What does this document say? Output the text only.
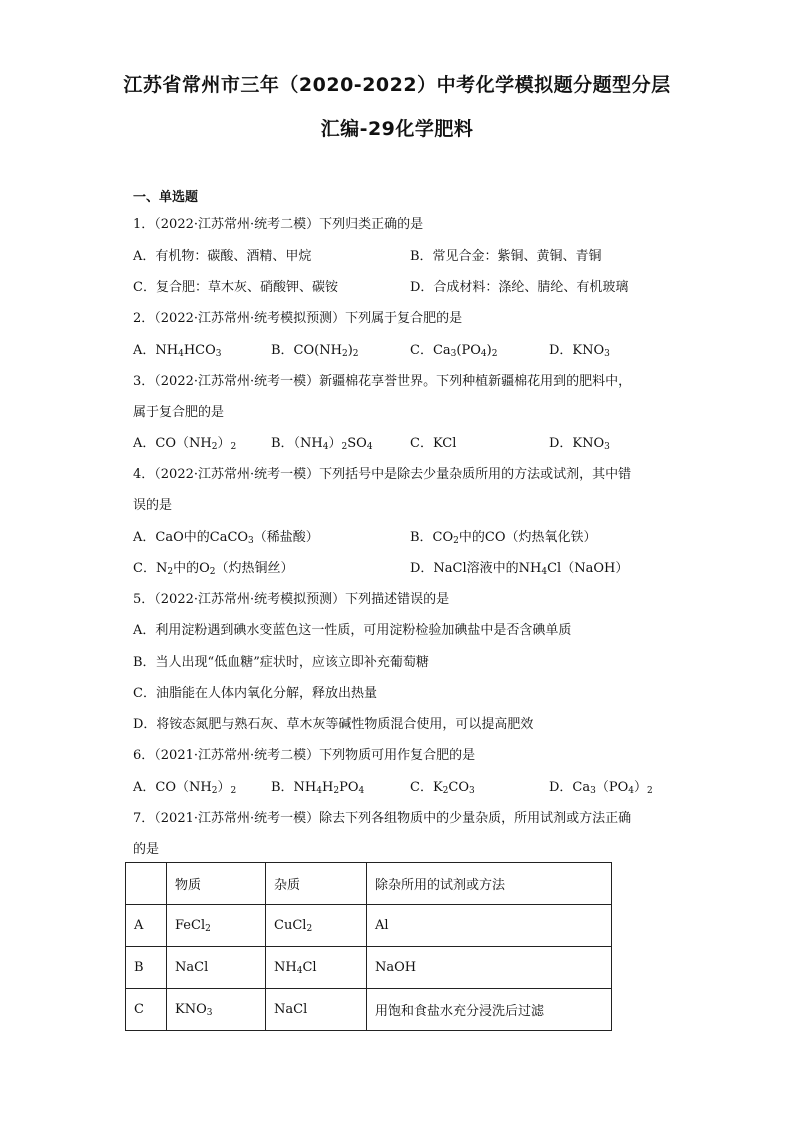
江苏省常州市三年（2020-2022）中考化学模拟题分题型分层
汇编-29化学肥料
一、单选题
1．（2022·江苏常州·统考二模）下列归类正确的是
A．有机物：碳酸、酒精、甲烷	B．常见合金：紫铜、黄铜、青铜
C．复合肥：草木灰、硝酸钾、碳铵	D．合成材料：涤纶、腈纶、有机玻璃
2．（2022·江苏常州·统考模拟预测）下列属于复合肥的是
A．$NH_4HCO_3$	B．$CO(NH_2)_2$	C．$Ca_3(PO_4)_2$	D．$KNO_3$
3．（2022·江苏常州·统考一模）新疆棉花享誉世界。下列种植新疆棉花用到的肥料中，
属于复合肥的是
A．$CO(NH_2)_2$	B．$(NH_4)_2SO_4$	C．KCl	D．$KNO_3$
4．（2022·江苏常州·统考一模）下列括号中是除去少量杂质所用的方法或试剂，其中错
误的是
A．CaO中的CaCO$_3$（稀盐酸）	B．$CO_2$中的CO（灼热氧化铁）
C．$N_2$中的$O_2$（灼热铜丝）	D．NaCl溶液中的$NH_4Cl(NaOH)$
5．（2022·江苏常州·统考模拟预测）下列描述错误的是
A．利用淀粉遇到碘水变蓝色这一性质，可用淀粉检验加碘盐中是否含碘单质
B．当人出现“低血糖”症状时，应该立即补充葡萄糖
C．油脂能在人体内氧化分解，释放出热量
D．将铵态氮肥与熟石灰、草木灰等碱性物质混合使用，可以提高肥效
6．（2021·江苏常州·统考二模）下列物质可用作复合肥的是
A．$CO(NH_2)_2$	B．$NH_4H_2PO_4$	C．$K_2CO_3$	D．$Ca_3(PO_4)_2$
7．（2021·江苏常州·统考一模）除去下列各组物质中的少量杂质，所用试剂或方法正确
的是
	物质	杂质	除杂所用的试剂或方法
A	FeCl$_2$	CuCl$_2$	Al
B	NaCl	$NH_4Cl$	NaOH
C	$KNO_3$	NaCl	用饱和食盐水充分浸洗后过滤
